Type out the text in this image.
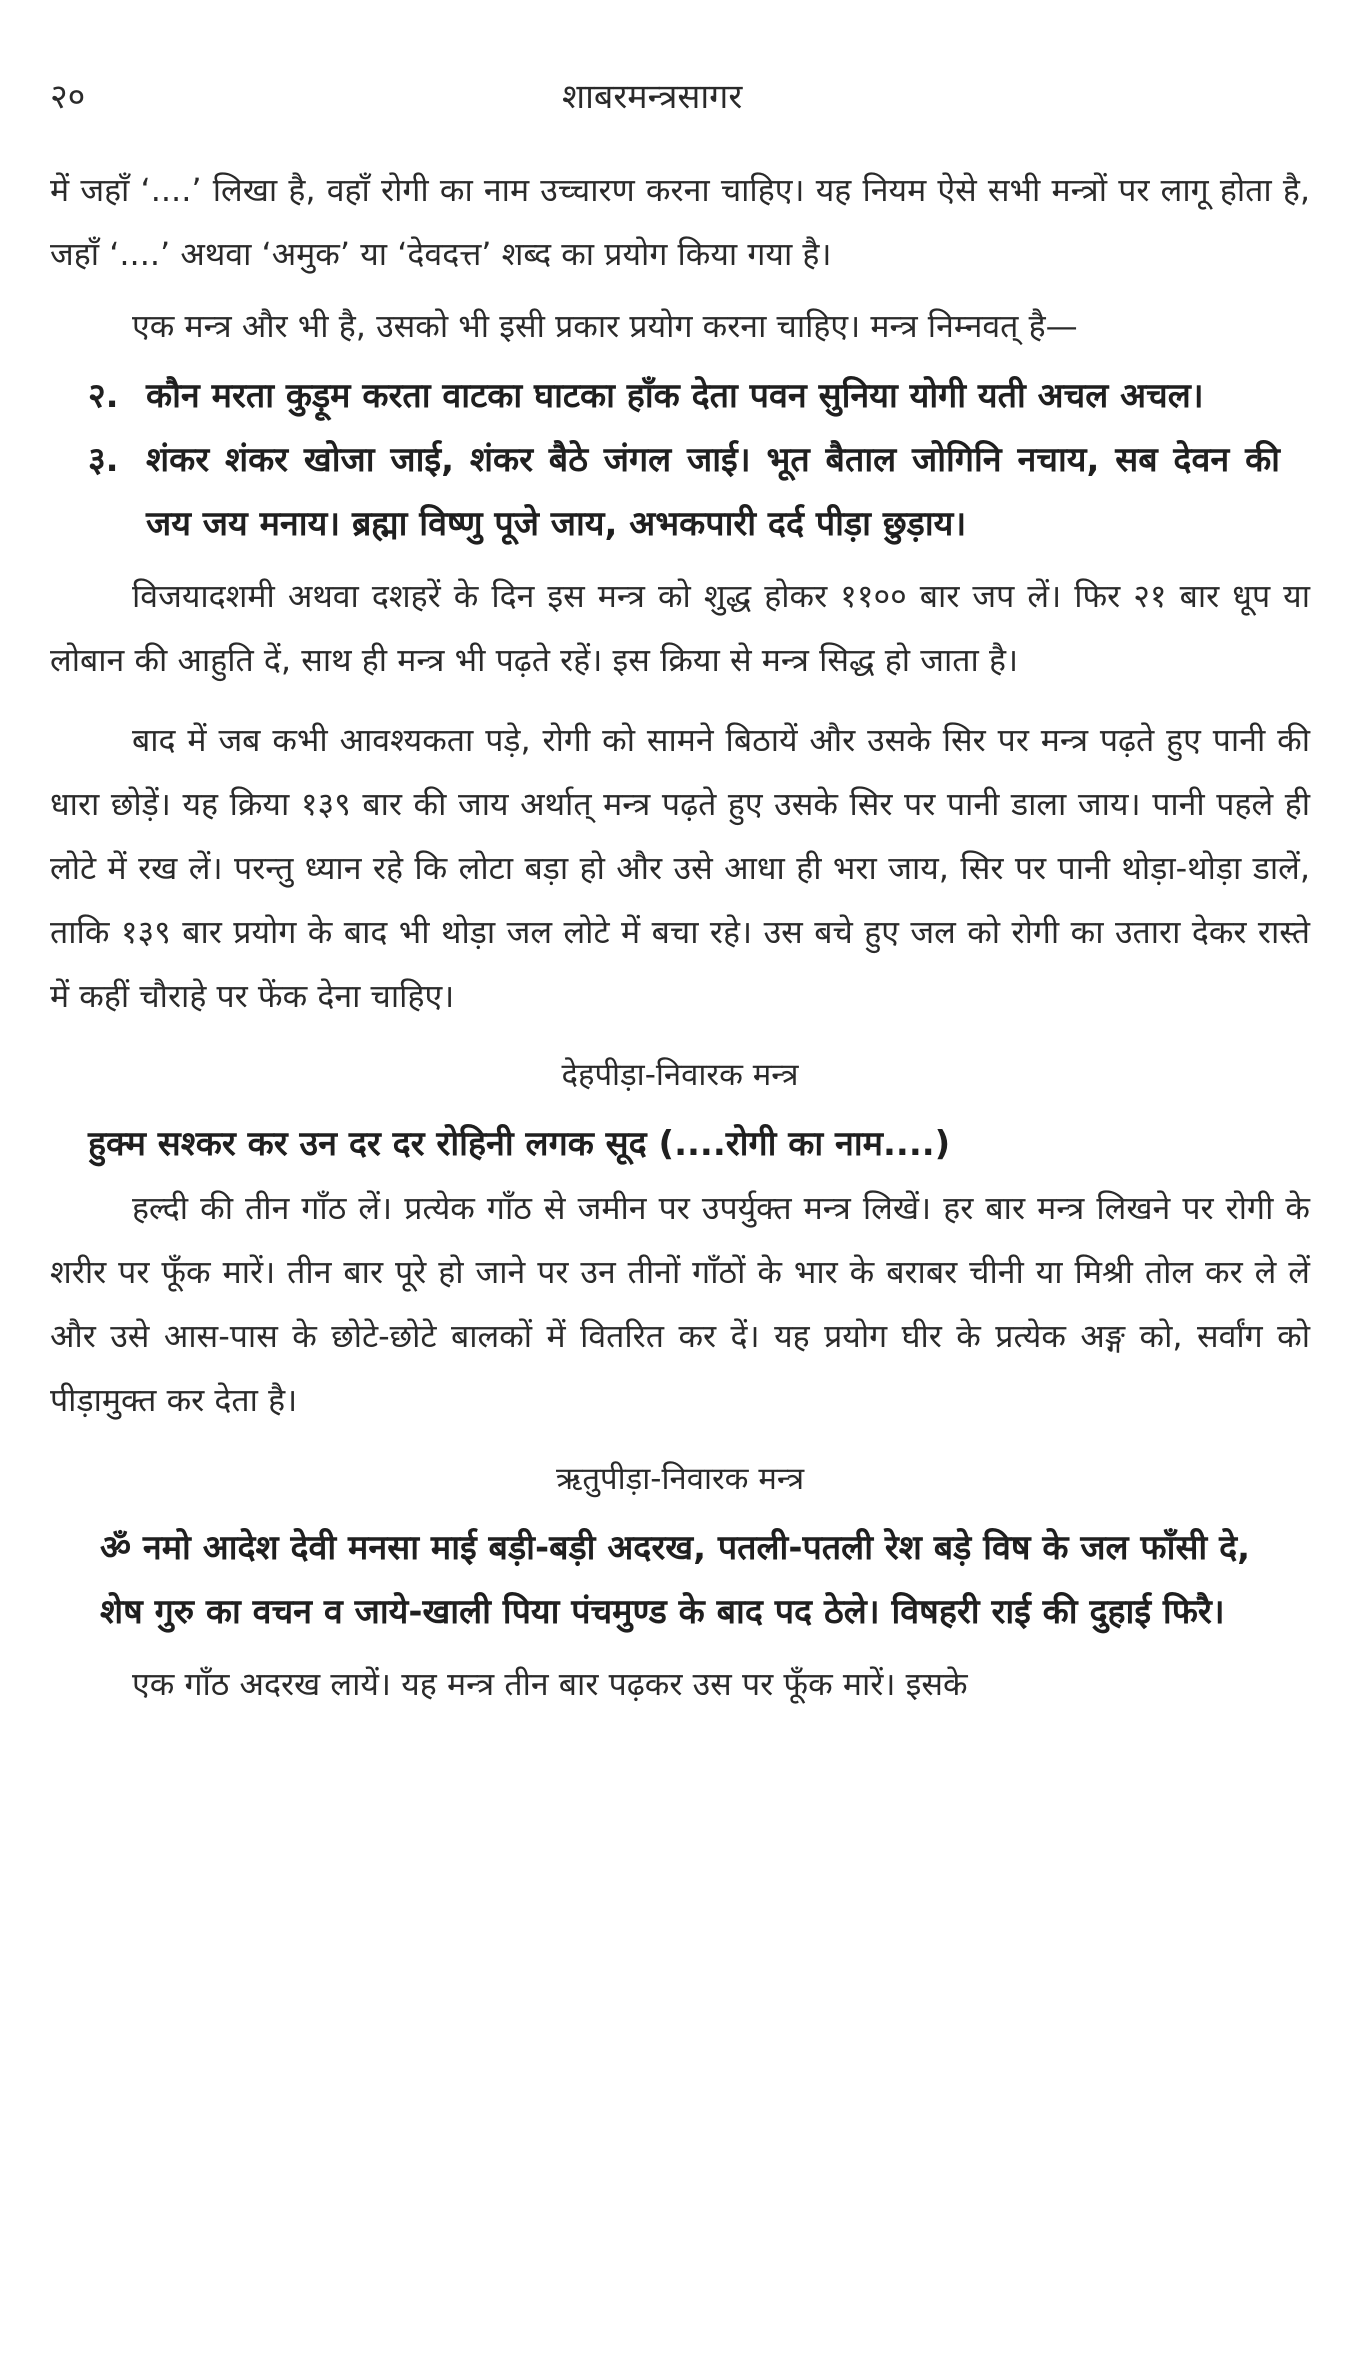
२०	शाबरमन्त्रसागर

में जहाँ ‘....’ लिखा है, वहाँ रोगी का नाम उच्चारण करना चाहिए। यह नियम ऐसे सभी मन्त्रों पर लागू होता है, जहाँ ‘....’ अथवा ‘अमुक’ या ‘देवदत्त’ शब्द का प्रयोग किया गया है।

एक मन्त्र और भी है, उसको भी इसी प्रकार प्रयोग करना चाहिए। मन्त्र निम्नवत् है—

२. कौन मरता कुड़ूम करता वाटका घाटका हाँक देता पवन सुनिया योगी यती अचल अचल।
३. शंकर शंकर खोजा जाई, शंकर बैठे जंगल जाई। भूत बैताल जोगिनि नचाय, सब देवन की जय जय मनाय। ब्रह्मा विष्णु पूजे जाय, अभकपारी दर्द पीड़ा छुड़ाय।

विजयादशमी अथवा दशहरें के दिन इस मन्त्र को शुद्ध होकर ११०० बार जप लें। फिर २१ बार धूप या लोबान की आहुति दें, साथ ही मन्त्र भी पढ़ते रहें। इस क्रिया से मन्त्र सिद्ध हो जाता है।

बाद में जब कभी आवश्यकता पड़े, रोगी को सामने बिठायें और उसके सिर पर मन्त्र पढ़ते हुए पानी की धारा छोड़ें। यह क्रिया १३९ बार की जाय अर्थात् मन्त्र पढ़ते हुए उसके सिर पर पानी डाला जाय। पानी पहले ही लोटे में रख लें। परन्तु ध्यान रहे कि लोटा बड़ा हो और उसे आधा ही भरा जाय, सिर पर पानी थोड़ा-थोड़ा डालें, ताकि १३९ बार प्रयोग के बाद भी थोड़ा जल लोटे में बचा रहे। उस बचे हुए जल को रोगी का उतारा देकर रास्ते में कहीं चौराहे पर फेंक देना चाहिए।

देहपीड़ा-निवारक मन्त्र
हुक्म सश्कर कर उन दर दर रोहिनी लगक सूद (....रोगी का नाम....)

हल्दी की तीन गाँठ लें। प्रत्येक गाँठ से जमीन पर उपर्युक्त मन्त्र लिखें। हर बार मन्त्र लिखने पर रोगी के शरीर पर फूँक मारें। तीन बार पूरे हो जाने पर उन तीनों गाँठों के भार के बराबर चीनी या मिश्री तोल कर ले लें और उसे आस-पास के छोटे-छोटे बालकों में वितरित कर दें। यह प्रयोग घीर के प्रत्येक अङ्ग को, सर्वांग को पीड़ामुक्त कर देता है।

ऋतुपीड़ा-निवारक मन्त्र
ॐ नमो आदेश देवी मनसा माई बड़ी-बड़ी अदरख, पतली-पतली रेश बड़े विष के जल फाँसी दे, शेष गुरु का वचन व जाये-खाली पिया पंचमुण्ड के बाद पद ठेले। विषहरी राई की दुहाई फिरै।

एक गाँठ अदरख लायें। यह मन्त्र तीन बार पढ़कर उस पर फूँक मारें। इसके
